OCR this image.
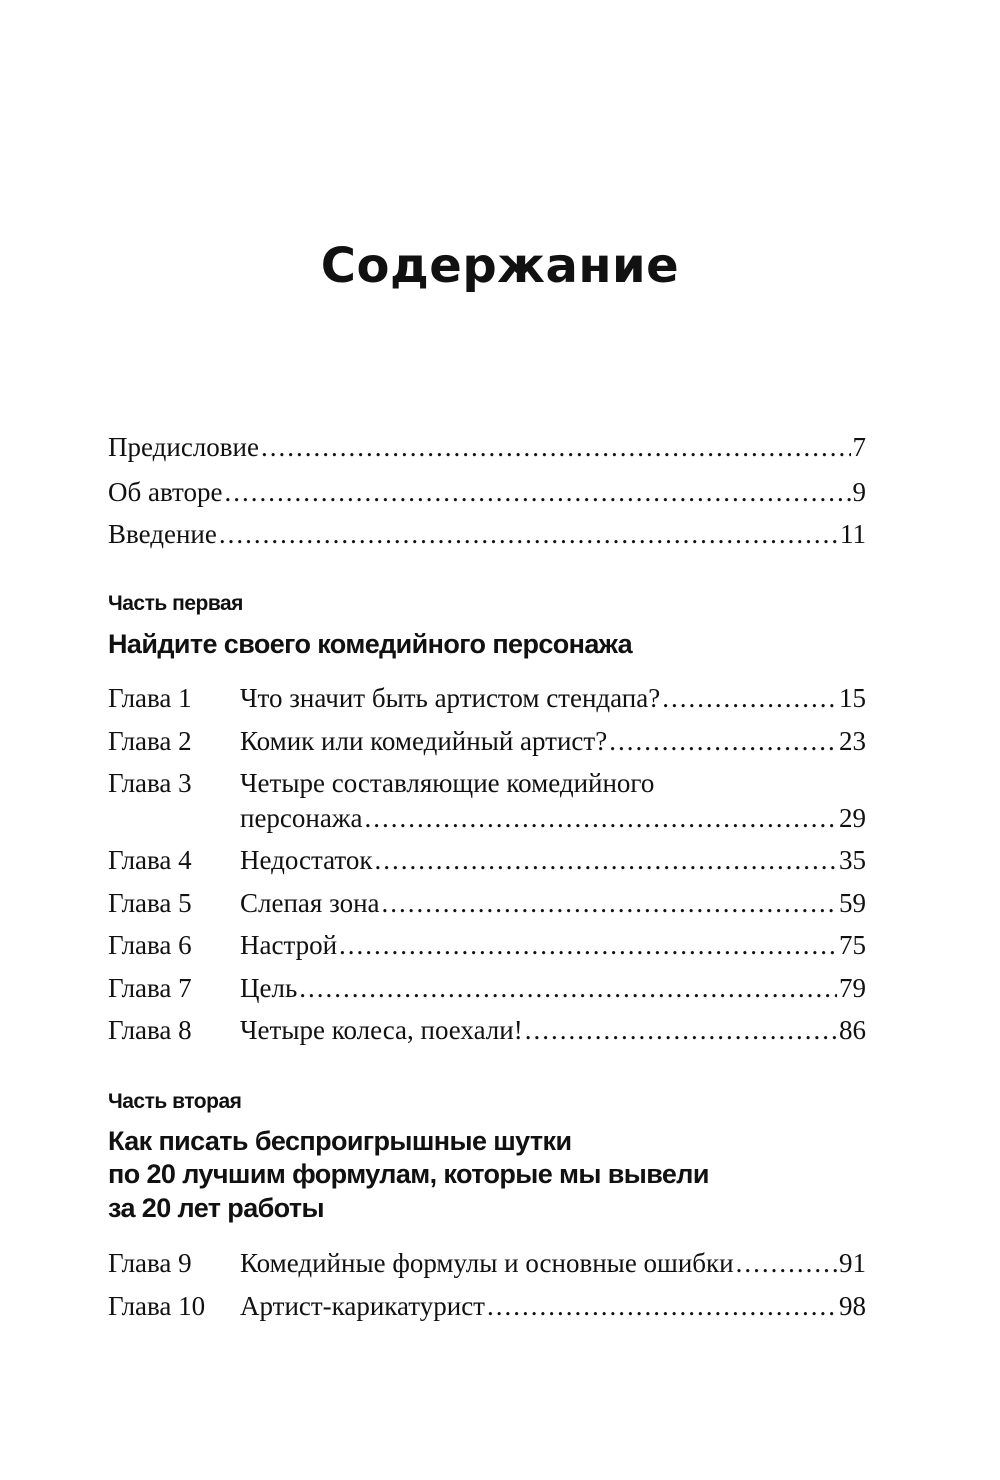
Содержание
Предисловие .....	7
Об авторе .....	9
Введение .....	11
Часть первая
Найдите своего комедийного персонажа
Глава 1	Что значит быть артистом стендапа? .....	15
Глава 2	Комик или комедийный артист? .....	23
Глава 3	Четыре составляющие комедийного
персонажа .....	29
Глава 4	Недостаток .....	35
Глава 5	Слепая зона .....	59
Глава 6	Настрой .....	75
Глава 7	Цель .....	79
Глава 8	Четыре колеса, поехали! .....	86
Часть вторая
Как писать беспроигрышные шутки
по 20 лучшим формулам, которые мы вывели
за 20 лет работы
Глава 9	Комедийные формулы и основные ошибки .....	91
Глава 10	Артист-карикатурист .....	98
